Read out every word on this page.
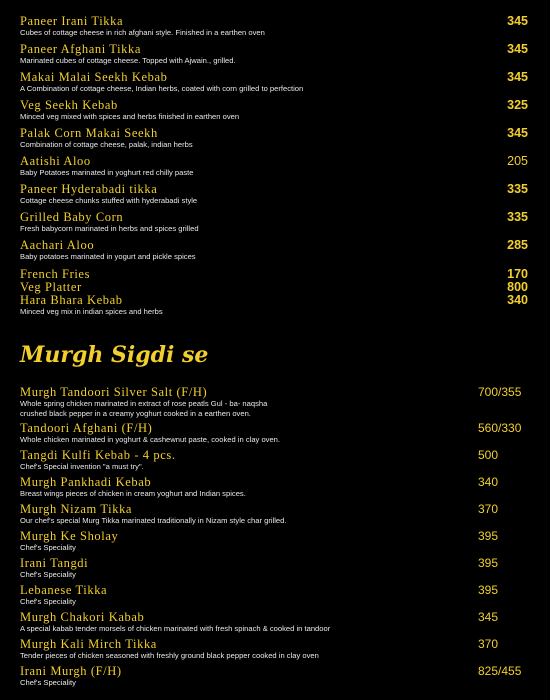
Paneer Irani Tikka
Cubes of cottage cheese in rich afghani style. Finished in a earthen oven
345
Paneer Afghani Tikka
Marinated cubes of cottage cheese. Topped with Ajwain., grilled.
345
Makai Malai Seekh Kebab
A Combination of cottage cheese, Indian herbs, coated with corn grilled to perfection
345
Veg Seekh Kebab
Minced veg mixed with spices and herbs finished in earthen oven
325
Palak Corn Makai Seekh
Combination of cottage cheese, palak, indian herbs
345
Aatishi Aloo
Baby Potatoes marinated in yoghurt red chilly paste
205
Paneer Hyderabadi tikka
Cottage cheese chunks stuffed with hyderabadi style
335
Grilled Baby Corn
Fresh babycorn marinated in herbs and spices grilled
335
Aachari Aloo
Baby potatoes marinated in yogurt and pickle spices
285
French Fries	170
Veg Platter	800
Hara Bhara Kebab
Minced veg mix in indian spices and herbs
340
Murgh Sigdi se
Murgh Tandoori Silver Salt (F/H)
Whole spring chicken marinated in extract of rose peatls Gul - ba- naqsha
crushed black pepper in a creamy yoghurt cooked in a earthen oven.
700/355
Tandoori Afghani (F/H)
Whole chicken marinated in yoghurt & cashewnut paste, cooked in clay oven.
560/330
Tangdi Kulfi Kebab - 4 pcs.
Chef's Special invention "a must try".
500
Murgh Pankhadi Kebab
Breast wings pieces of chicken in cream yoghurt and Indian spices.
340
Murgh Nizam Tikka
Our chef's special Murg Tikka marinated traditionally in Nizam style char grilled.
370
Murgh Ke Sholay
Chef's Speciality
395
Irani Tangdi
Chef's Speciality
395
Lebanese Tikka
Chef's Speciality
395
Murgh Chakori Kabab
A special kabab tender morsels of chicken marinated with fresh spinach & cooked in tandoor
345
Murgh Kali Mirch Tikka
Tender pieces of chicken seasoned with freshly ground black pepper cooked in clay oven
370
Irani Murgh (F/H)
Chef's Speciality
825/455
